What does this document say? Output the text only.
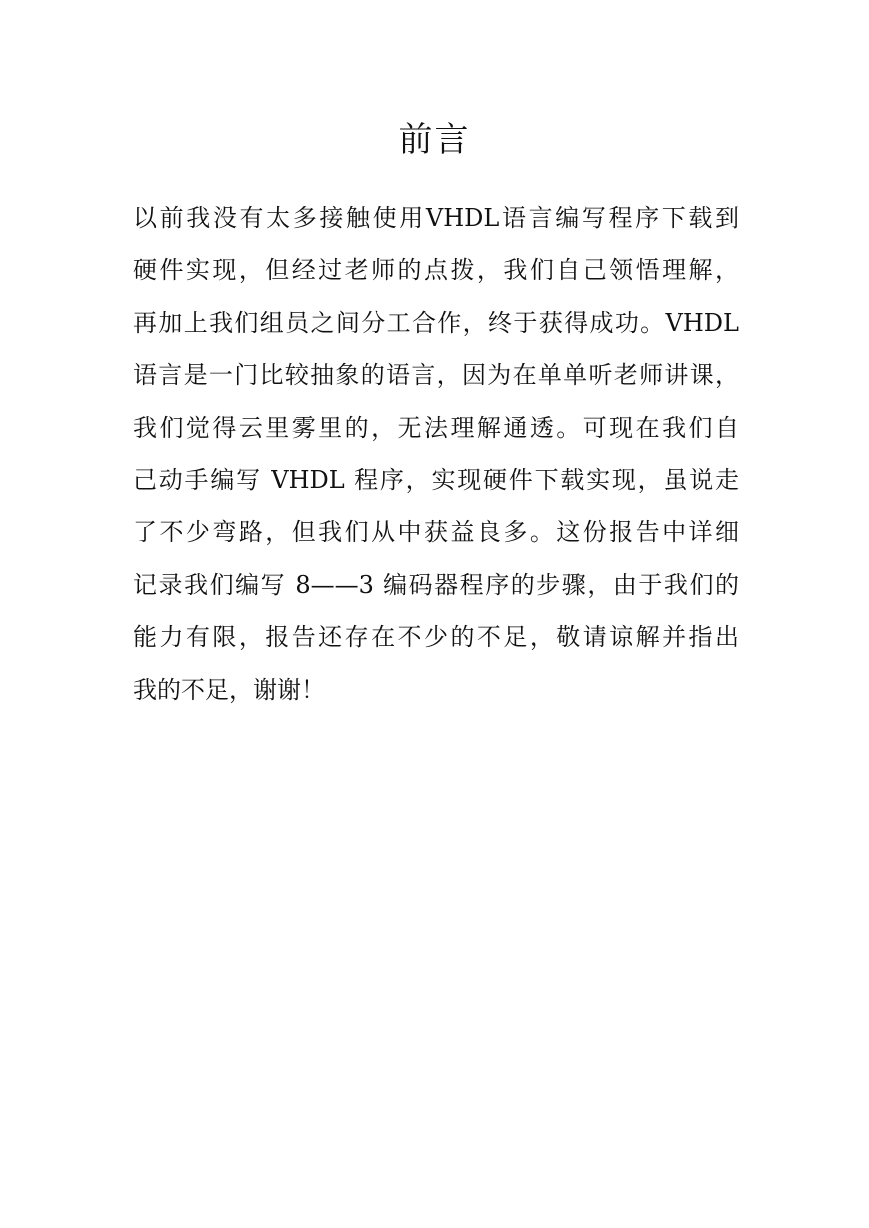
前言
以前我没有太多接触使用VHDL语言编写程序下载到
硬件实现，但经过老师的点拨，我们自己领悟理解，
再加上我们组员之间分工合作，终于获得成功。VHDL
语言是一门比较抽象的语言，因为在单单听老师讲课，
我们觉得云里雾里的，无法理解通透。可现在我们自
己动手编写 VHDL 程序，实现硬件下载实现，虽说走
了不少弯路，但我们从中获益良多。这份报告中详细
记录我们编写 8——3 编码器程序的步骤，由于我们的
能力有限，报告还存在不少的不足，敬请谅解并指出
我的不足，谢谢！
